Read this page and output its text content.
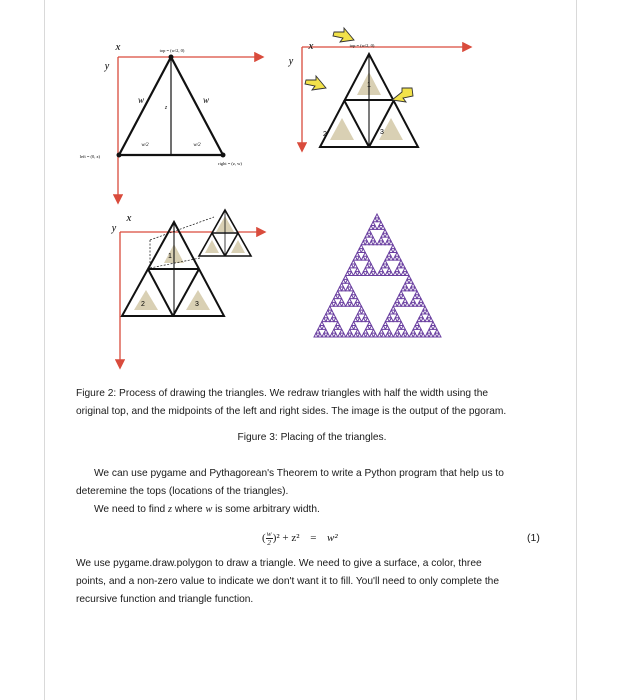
x
y
top = (w/2, 0)
left = (0, z)
right = (z, w)
w	w
z
w/2	w/2
1
2	3
x
y
top = (w/2, 0)
1
2	3
x
y
Figure 2: Process of drawing the triangles. We redraw triangles with half the width using the
original top, and the midpoints of the left and right sides. The image is the output of the pgoram.
Figure 3: Placing of the triangles.
We can use pygame and Pythagorean's Theorem to write a Python program that help us to
deteremine the tops (locations of the triangles).
We need to find z where w is some arbitrary width.
( $\frac{w}{2} )^2 + z^2 = w^2$	(1)
We use pygame.draw.polygon to draw a triangle. We need to give a surface, a color, three
points, and a non-zero value to indicate we don't want it to fill. You'll need to only complete the
recursive function and triangle function.
